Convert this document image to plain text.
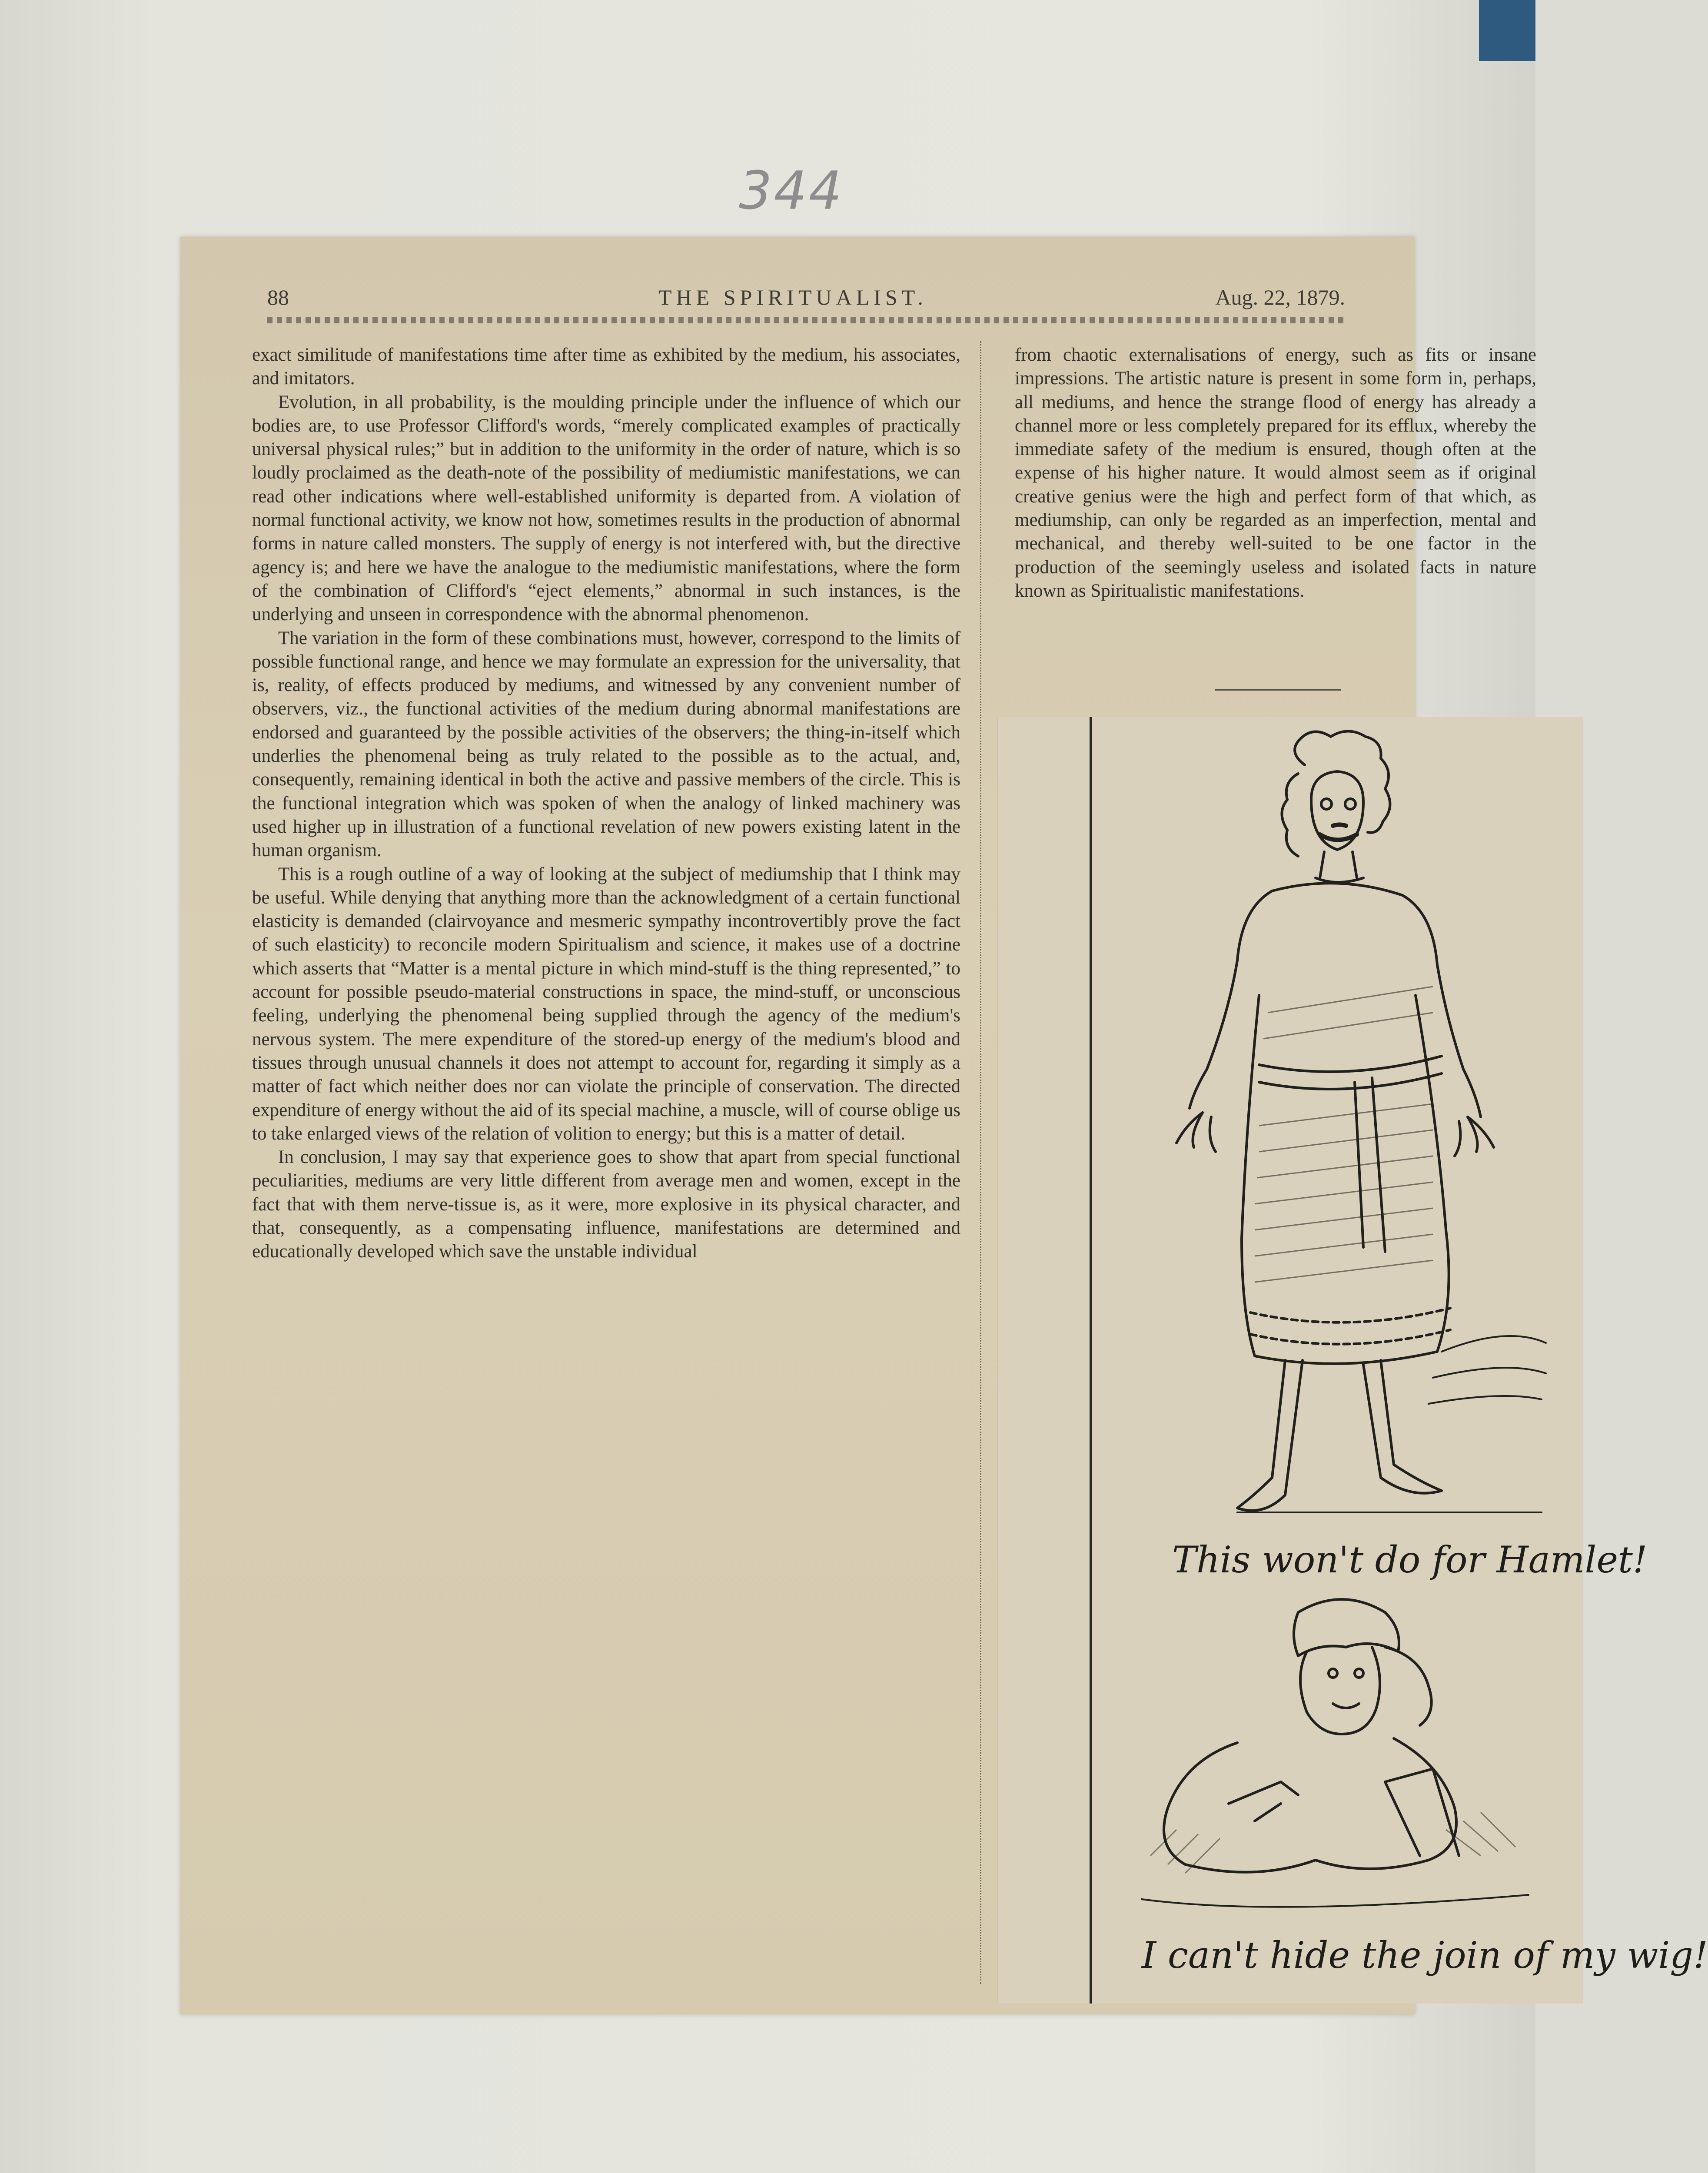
344
88	THE SPIRITUALIST.	Aug. 22, 1879.

exact similitude of manifestations time after time as exhibited by the medium, his associates, and imitators.

Evolution, in all probability, is the moulding principle under the influence of which our bodies are, to use Professor Clifford's words, “merely complicated examples of practically universal physical rules;” but in addition to the uniformity in the order of nature, which is so loudly proclaimed as the death-note of the possibility of mediumistic manifestations, we can read other indications where well-established uniformity is departed from. A violation of normal functional activity, we know not how, sometimes results in the production of abnormal forms in nature called monsters. The supply of energy is not interfered with, but the directive agency is; and here we have the analogue to the mediumistic manifestations, where the form of the combination of Clifford's “eject elements,” abnormal in such instances, is the underlying and unseen in correspondence with the abnormal phenomenon.

The variation in the form of these combinations must, however, correspond to the limits of possible functional range, and hence we may formulate an expression for the universality, that is, reality, of effects produced by mediums, and witnessed by any convenient number of observers, viz., the functional activities of the medium during abnormal manifestations are endorsed and guaranteed by the possible activities of the observers; the thing-in-itself which underlies the phenomenal being as truly related to the possible as to the actual, and, consequently, remaining identical in both the active and passive members of the circle. This is the functional integration which was spoken of when the analogy of linked machinery was used higher up in illustration of a functional revelation of new powers existing latent in the human organism.

This is a rough outline of a way of looking at the subject of mediumship that I think may be useful. While denying that anything more than the acknowledgment of a certain functional elasticity is demanded (clairvoyance and mesmeric sympathy incontrovertibly prove the fact of such elasticity) to reconcile modern Spiritualism and science, it makes use of a doctrine which asserts that “Matter is a mental picture in which mind-stuff is the thing represented,” to account for possible pseudo-material constructions in space, the mind-stuff, or unconscious feeling, underlying the phenomenal being supplied through the agency of the medium's nervous system. The mere expenditure of the stored-up energy of the medium's blood and tissues through unusual channels it does not attempt to account for, regarding it simply as a matter of fact which neither does nor can violate the principle of conservation. The directed expenditure of energy without the aid of its special machine, a muscle, will of course oblige us to take enlarged views of the relation of volition to energy; but this is a matter of detail.

In conclusion, I may say that experience goes to show that apart from special functional peculiarities, mediums are very little different from average men and women, except in the fact that with them nerve-tissue is, as it were, more explosive in its physical character, and that, consequently, as a compensating influence, manifestations are determined and educationally developed which save the unstable individual

from chaotic externalisations of energy, such as fits or insane impressions. The artistic nature is present in some form in, perhaps, all mediums, and hence the strange flood of energy has already a channel more or less completely prepared for its efflux, whereby the immediate safety of the medium is ensured, though often at the expense of his higher nature. It would almost seem as if original creative genius were the high and perfect form of that which, as mediumship, can only be regarded as an imperfection, mental and mechanical, and thereby well-suited to be one factor in the production of the seemingly useless and isolated facts in nature known as Spiritualistic manifestations.

This won't do for Hamlet!
I can't hide the join of my wig!
